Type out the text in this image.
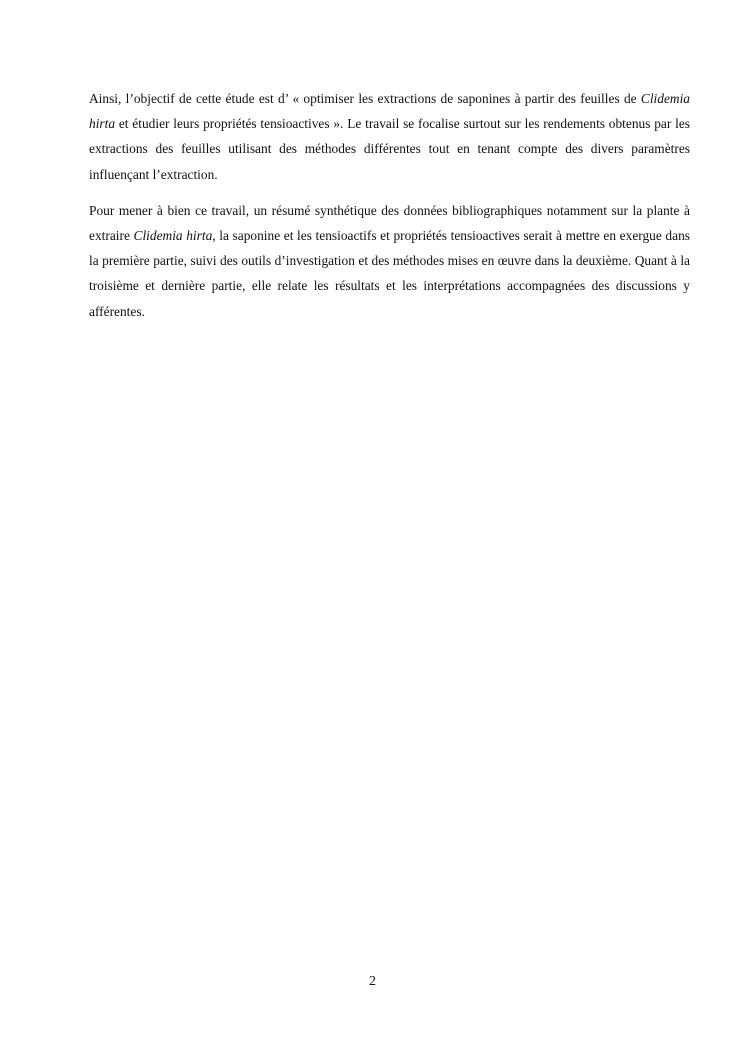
Ainsi, l’objectif de cette étude est d’ « optimiser les extractions de saponines à partir des feuilles de Clidemia hirta et étudier leurs propriétés tensioactives ». Le travail se focalise surtout sur les rendements obtenus par les extractions des feuilles utilisant des méthodes différentes tout en tenant compte des divers paramètres influençant l’extraction.

Pour mener à bien ce travail, un résumé synthétique des données bibliographiques notamment sur la plante à extraire Clidemia hirta, la saponine et les tensioactifs et propriétés tensioactives serait à mettre en exergue dans la première partie, suivi des outils d’investigation et des méthodes mises en œuvre dans la deuxième. Quant à la troisième et dernière partie, elle relate les résultats et les interprétations accompagnées des discussions y afférentes.

2
